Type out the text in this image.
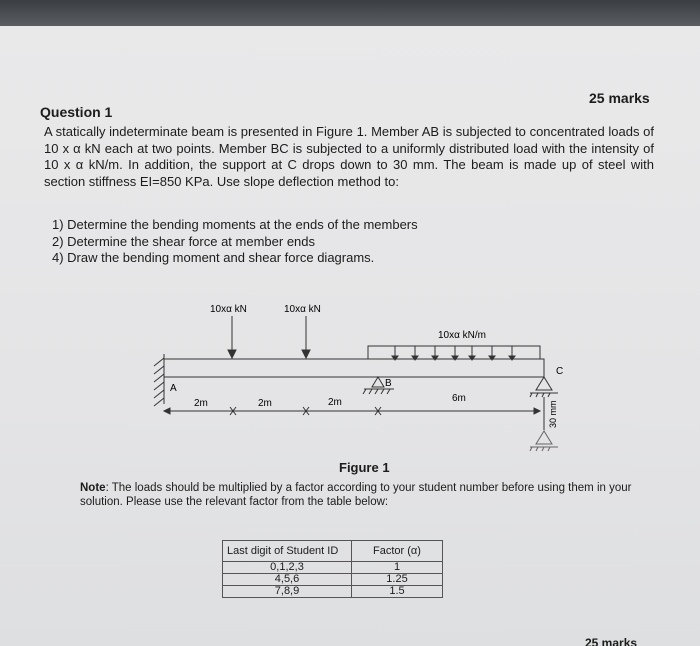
Question 1
25 marks
A statically indeterminate beam is presented in Figure 1. Member AB is subjected to concentrated loads of 10 x α kN each at two points. Member BC is subjected to a uniformly distributed load with the intensity of 10 x α kN/m. In addition, the support at C drops down to 30 mm. The beam is made up of steel with section stiffness EI=850 KPa. Use slope deflection method to:
1) Determine the bending moments at the ends of the members
2) Determine the shear force at member ends
4) Draw the bending moment and shear force diagrams.
10xα kN	10xα kN
10xα kN/m
B
A
C
30 mm
2m	2m	2m	6m
Figure 1
Note: The loads should be multiplied by a factor according to your student number before using them in your solution. Please use the relevant factor from the table below:
Last digit of Student ID	Factor (α)
0,1,2,3	1
4,5,6	1.25
7,8,9	1.5
25 marks
